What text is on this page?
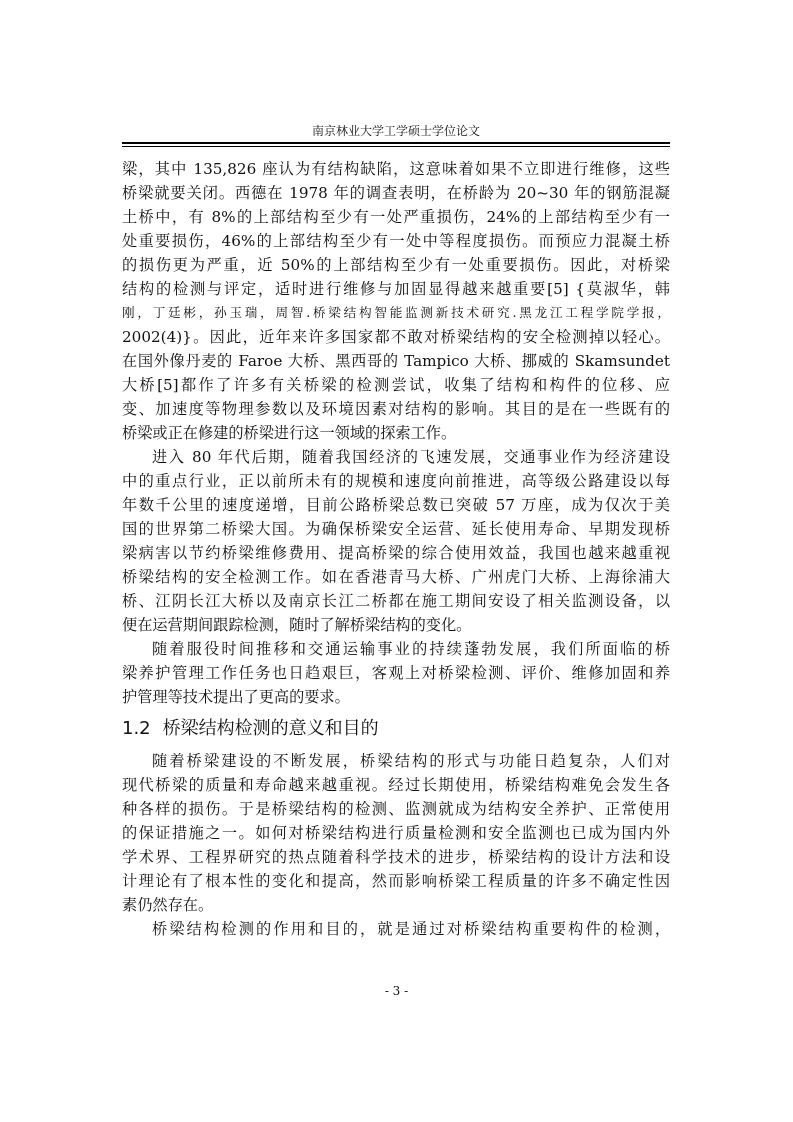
南京林业大学工学硕士学位论文
梁，其中 135,826 座认为有结构缺陷，这意味着如果不立即进行维修，这些
桥梁就要关闭。西德在 1978 年的调查表明，在桥龄为 20~30 年的钢筋混凝
土桥中，有 8%的上部结构至少有一处严重损伤，24%的上部结构至少有一
处重要损伤，46%的上部结构至少有一处中等程度损伤。而预应力混凝土桥
的损伤更为严重，近 50%的上部结构至少有一处重要损伤。因此，对桥梁
结构的检测与评定，适时进行维修与加固显得越来越重要[5] {莫淑华，韩
刚，丁廷彬，孙玉瑞，周智.桥梁结构智能监测新技术研究.黑龙江工程学院学报，
2002(4)}。因此，近年来许多国家都不敢对桥梁结构的安全检测掉以轻心。
在国外像丹麦的 Faroe 大桥、黑西哥的 Tampico 大桥、挪威的 Skamsundet
大桥[5]都作了许多有关桥梁的检测尝试，收集了结构和构件的位移、应
变、加速度等物理参数以及环境因素对结构的影响。其目的是在一些既有的
桥梁或正在修建的桥梁进行这一领域的探索工作。
进入 80 年代后期，随着我国经济的飞速发展，交通事业作为经济建设
中的重点行业，正以前所未有的规模和速度向前推进，高等级公路建设以每
年数千公里的速度递增，目前公路桥梁总数已突破 57 万座，成为仅次于美
国的世界第二桥梁大国。为确保桥梁安全运营、延长使用寿命、早期发现桥
梁病害以节约桥梁维修费用、提高桥梁的综合使用效益，我国也越来越重视
桥梁结构的安全检测工作。如在香港青马大桥、广州虎门大桥、上海徐浦大
桥、江阴长江大桥以及南京长江二桥都在施工期间安设了相关监测设备，以
便在运营期间跟踪检测，随时了解桥梁结构的变化。
随着服役时间推移和交通运输事业的持续蓬勃发展，我们所面临的桥
梁养护管理工作任务也日趋艰巨，客观上对桥梁检测、评价、维修加固和养
护管理等技术提出了更高的要求。
1.2 桥梁结构检测的意义和目的
随着桥梁建设的不断发展，桥梁结构的形式与功能日趋复杂，人们对
现代桥梁的质量和寿命越来越重视。经过长期使用，桥梁结构难免会发生各
种各样的损伤。于是桥梁结构的检测、监测就成为结构安全养护、正常使用
的保证措施之一。如何对桥梁结构进行质量检测和安全监测也已成为国内外
学术界、工程界研究的热点随着科学技术的进步，桥梁结构的设计方法和设
计理论有了根本性的变化和提高，然而影响桥梁工程质量的许多不确定性因
素仍然存在。
桥梁结构检测的作用和目的，就是通过对桥梁结构重要构件的检测，
- 3 -
